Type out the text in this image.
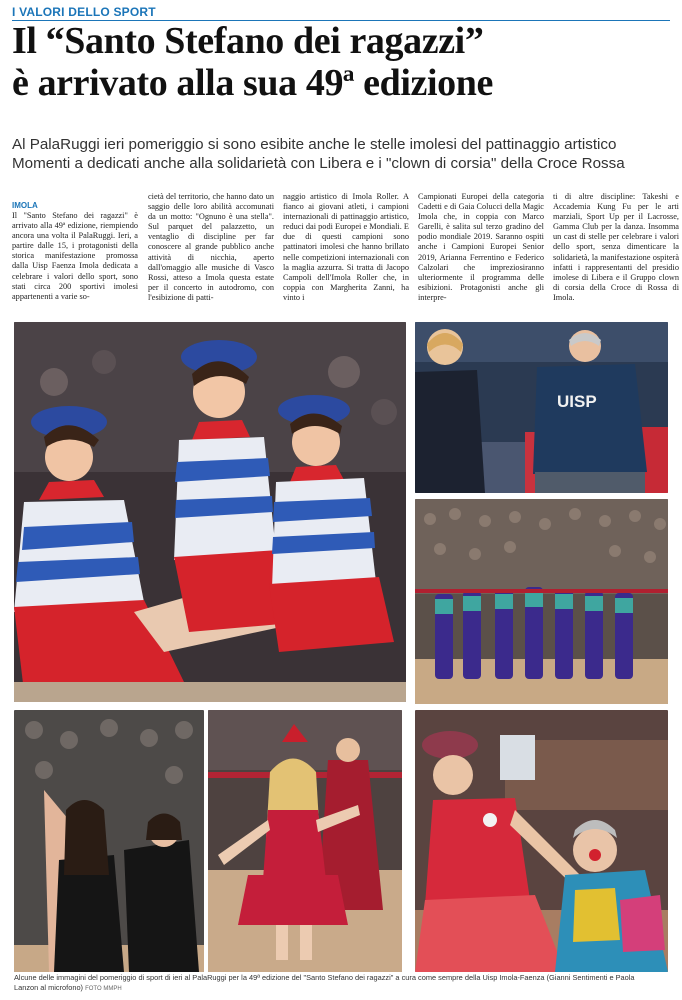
I VALORI DELLO SPORT
Il “Santo Stefano dei ragazzi”
è arrivato alla sua 49ª edizione

Al PalaRuggi ieri pomeriggio si sono esibite anche le stelle imolesi del pattinaggio artistico
Momenti a dedicati anche alla solidarietà con Libera e i "clown di corsia" della Croce Rossa

IMOLA
Il "Santo Stefano dei ragazzi" è arrivato alla 49ª edizione, riempiendo ancora una volta il PalaRuggi. Ieri, a partire dalle 15, i protagonisti della storica manifestazione promossa dalla Uisp Faenza Imola dedicata a celebrare i valori dello sport, sono stati circa 200 sportivi imolesi appartenenti a varie so-
cietà del territorio, che hanno dato un saggio delle loro abilità accomunati da un motto: "Ognuno è una stella". Sul parquet del palazzetto, un ventaglio di discipline per far conoscere al grande pubblico anche attività di nicchia, aperto dall'omaggio alle musiche di Vasco Rossi, atteso a Imola questa estate per il concerto in autodromo, con l'esibizione di patti-
naggio artistico di Imola Roller. A fianco ai giovani atleti, i campioni internazionali di pattinaggio artistico, reduci dai podi Europei e Mondiali. E due di questi campioni sono pattinatori imolesi che hanno brillato nelle competizioni internazionali con la maglia azzurra. Si tratta di Jacopo Campoli dell'Imola Roller che, in coppia con Margherita Zanni, ha vinto i
Campionati Europei della categoria Cadetti e di Gaia Colucci della Magic Imola che, in coppia con Marco Garelli, è salita sul terzo gradino del podio mondiale 2019. Saranno ospiti anche i Campioni Europei Senior 2019, Arianna Ferrentino e Federico Calzolari che impreziosiranno ulteriormente il programma delle esibizioni. Protagonisti anche gli interpre-
ti di altre discipline: Takeshi e Accademia Kung Fu per le arti marziali, Sport Up per il Lacrosse, Gamma Club per la danza. Insomma un cast di stelle per celebrare i valori dello sport, senza dimenticare la solidarietà, la manifestazione ospiterà infatti i rappresentanti del presidio imolese di Libera e il Gruppo clown di corsia della Croce di Rossa di Imola.
UISP
Alcune delle immagini del pomeriggio di sport di ieri al PalaRuggi per la 49ª edizione del "Santo Stefano dei ragazzi" a cura come sempre della Uisp Imola-Faenza (Gianni Sentimenti e Paola Lanzon al microfono) FOTO MMPH
